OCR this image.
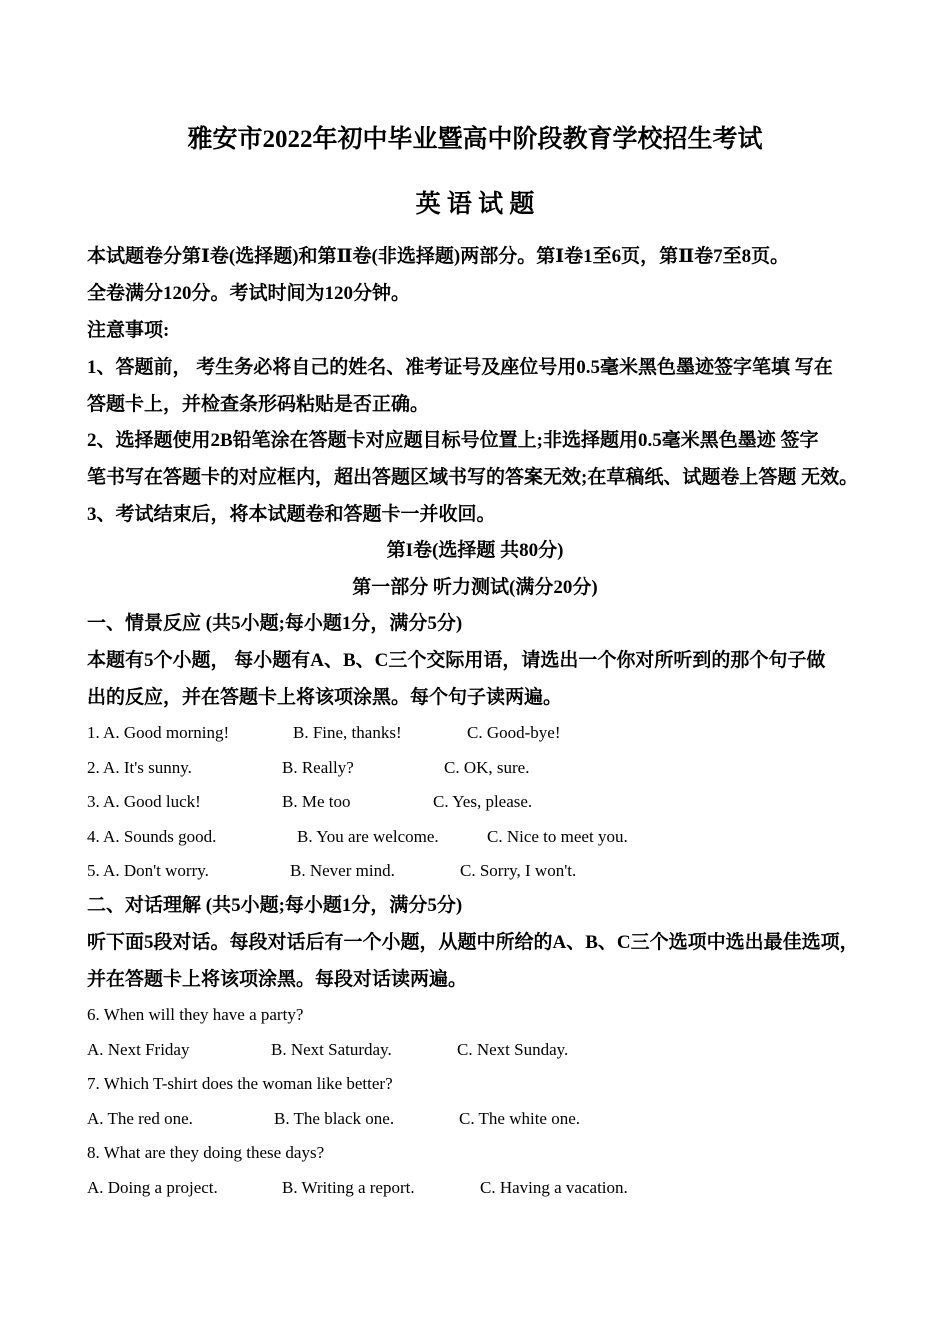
雅安市2022年初中毕业暨高中阶段教育学校招生考试
英 语 试 题
本试题卷分第Ⅰ卷(选择题)和第Ⅱ卷(非选择题)两部分。第Ⅰ卷1至6页，第Ⅱ卷7至8页。
全卷满分120分。考试时间为120分钟。
注意事项:
1、答题前， 考生务必将自己的姓名、准考证号及座位号用0.5毫米黑色墨迹签字笔填 写在
答题卡上，并检查条形码粘贴是否正确。
2、选择题使用2B铅笔涂在答题卡对应题目标号位置上;非选择题用0.5毫米黑色墨迹 签字
笔书写在答题卡的对应框内，超出答题区域书写的答案无效;在草稿纸、试题卷上答题 无效。
3、考试结束后，将本试题卷和答题卡一并收回。
第I卷(选择题 共80分)
第一部分 听力测试(满分20分)
一、情景反应 (共5小题;每小题1分，满分5分)
本题有5个小题， 每小题有A、B、C三个交际用语，请选出一个你对所听到的那个句子做
出的反应，并在答题卡上将该项涂黑。每个句子读两遍。
1. A. Good morning!	B. Fine, thanks!	C. Good-bye!
2. A. It's sunny.	B. Really?	C. OK, sure.
3. A. Good luck!	B. Me too	C. Yes, please.
4. A. Sounds good.	B. You are welcome.	C. Nice to meet you.
5. A. Don't worry.	B. Never mind.	C. Sorry, I won't.
二、对话理解 (共5小题;每小题1分，满分5分)
听下面5段对话。每段对话后有一个小题，从题中所给的A、B、C三个选项中选出最佳选项，
并在答题卡上将该项涂黑。每段对话读两遍。
6. When will they have a party?
A. Next Friday	B. Next Saturday.	C. Next Sunday.
7. Which T-shirt does the woman like better?
A. The red one.	B. The black one.	C. The white one.
8. What are they doing these days?
A. Doing a project.	B. Writing a report.	C. Having a vacation.
